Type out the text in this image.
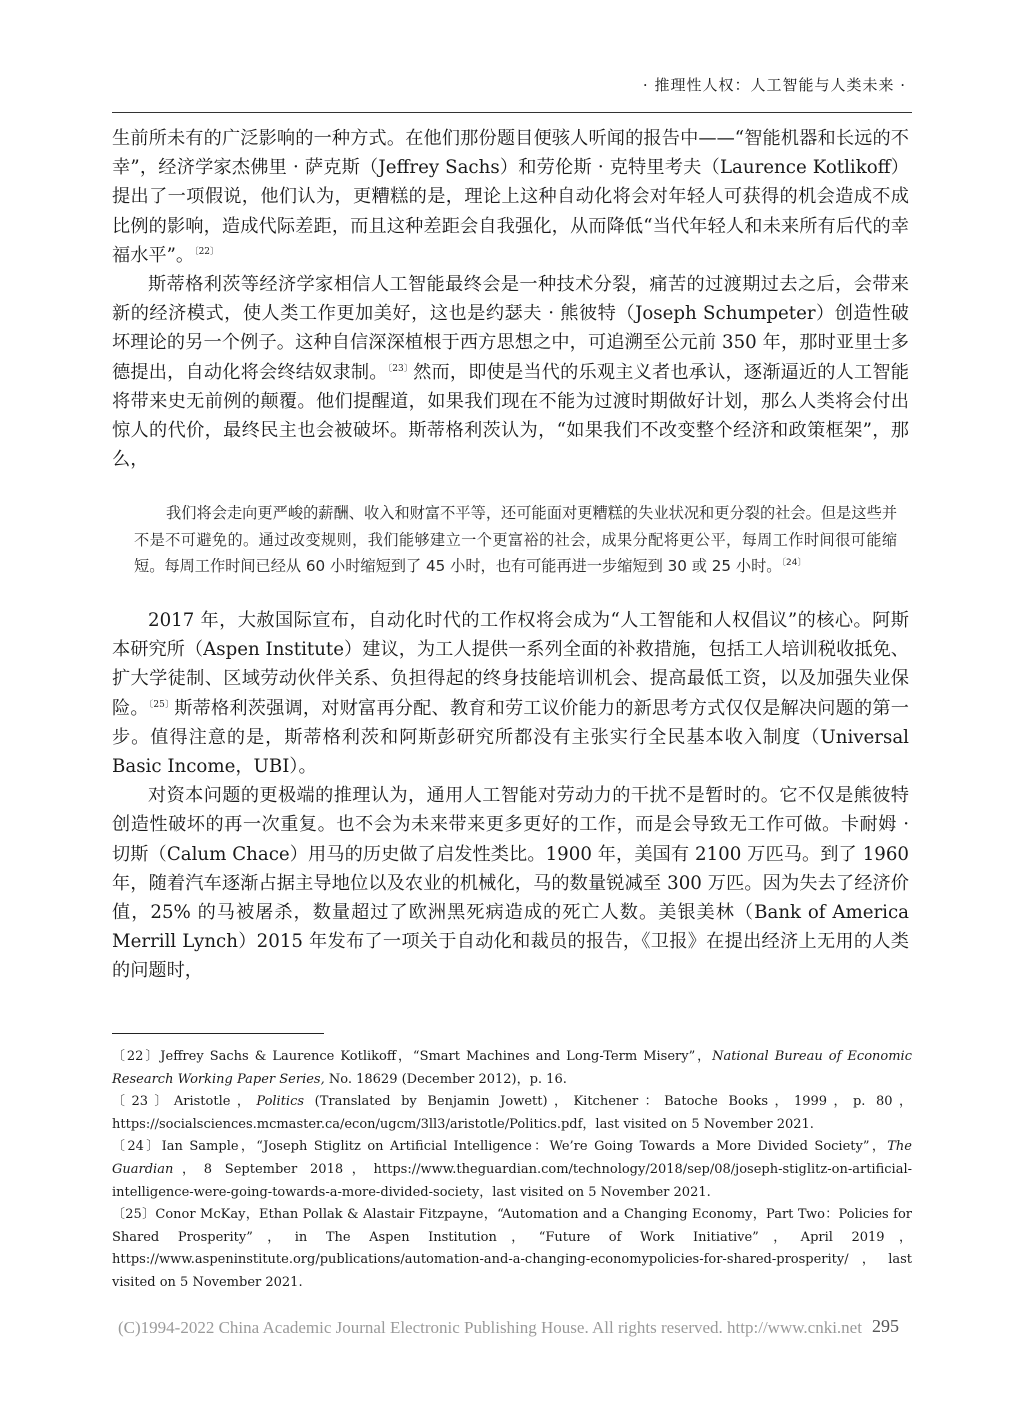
· 推理性人权：人工智能与人类未来 ·

生前所未有的广泛影响的一种方式。在他们那份题目便骇人听闻的报告中——“智能机器和长远的不幸”，经济学家杰佛里 · 萨克斯（Jeffrey Sachs）和劳伦斯 · 克特里考夫（Laurence Kotlikoff）提出了一项假说，他们认为，更糟糕的是，理论上这种自动化将会对年轻人可获得的机会造成不成比例的影响，造成代际差距，而且这种差距会自我强化，从而降低“当代年轻人和未来所有后代的幸福水平”。$^{〔22〕}$

斯蒂格利茨等经济学家相信人工智能最终会是一种技术分裂，痛苦的过渡期过去之后，会带来新的经济模式，使人类工作更加美好，这也是约瑟夫 · 熊彼特（Joseph Schumpeter）创造性破坏理论的另一个例子。这种自信深深植根于西方思想之中，可追溯至公元前 350 年，那时亚里士多德提出，自动化将会终结奴隶制。$^{〔23〕}$然而，即使是当代的乐观主义者也承认，逐渐逼近的人工智能将带来史无前例的颠覆。他们提醒道，如果我们现在不能为过渡时期做好计划，那么人类将会付出惊人的代价，最终民主也会被破坏。斯蒂格利茨认为，“如果我们不改变整个经济和政策框架”，那么，

我们将会走向更严峻的薪酬、收入和财富不平等，还可能面对更糟糕的失业状况和更分裂的社会。但是这些并不是不可避免的。通过改变规则，我们能够建立一个更富裕的社会，成果分配将更公平，每周工作时间很可能缩短。每周工作时间已经从 60 小时缩短到了 45 小时，也有可能再进一步缩短到 30 或 25 小时。$^{〔24〕}$

2017 年，大赦国际宣布，自动化时代的工作权将会成为“人工智能和人权倡议”的核心。阿斯本研究所（Aspen Institute）建议，为工人提供一系列全面的补救措施，包括工人培训税收抵免、扩大学徒制、区域劳动伙伴关系、负担得起的终身技能培训机会、提高最低工资，以及加强失业保险。$^{〔25〕}$斯蒂格利茨强调，对财富再分配、教育和劳工议价能力的新思考方式仅仅是解决问题的第一步。值得注意的是，斯蒂格利茨和阿斯彭研究所都没有主张实行全民基本收入制度（Universal Basic Income，UBI）。

对资本问题的更极端的推理认为，通用人工智能对劳动力的干扰不是暂时的。它不仅是熊彼特创造性破坏的再一次重复。也不会为未来带来更多更好的工作，而是会导致无工作可做。卡耐姆 · 切斯（Calum Chace）用马的历史做了启发性类比。1900 年，美国有 2100 万匹马。到了 1960 年，随着汽车逐渐占据主导地位以及农业的机械化，马的数量锐减至 300 万匹。因为失去了经济价值，25% 的马被屠杀，数量超过了欧洲黑死病造成的死亡人数。美银美林（Bank of America Merrill Lynch）2015 年发布了一项关于自动化和裁员的报告，《卫报》在提出经济上无用的人类的问题时，

〔22〕Jeffrey Sachs & Laurence Kotlikoff，“Smart Machines and Long-Term Misery”，National Bureau of Economic Research Working Paper Series, No. 18629 (December 2012)，p. 16.

〔23〕Aristotle，Politics (Translated by Benjamin Jowett)，Kitchener：Batoche Books，1999，p. 80，https://socialsciences.mcmaster.ca/econ/ugcm/3ll3/aristotle/Politics.pdf，last visited on 5 November 2021.

〔24〕Ian Sample，“Joseph Stiglitz on Artificial Intelligence：We’re Going Towards a More Divided Society”，The Guardian，8 September 2018，https://www.theguardian.com/technology/2018/sep/08/joseph-stiglitz-on-artificial-intelligence-were-going-towards-a-more-divided-society，last visited on 5 November 2021.

〔25〕Conor McKay，Ethan Pollak & Alastair Fitzpayne，“Automation and a Changing Economy，Part Two：Policies for Shared Prosperity”，in The Aspen Institution，“Future of Work Initiative”，April 2019，https://www.aspeninstitute.org/publications/automation-and-a-changing-economypolicies-for-shared-prosperity/，last visited on 5 November 2021.

(C)1994-2022 China Academic Journal Electronic Publishing House. All rights reserved. http://www.cnki.net 295
